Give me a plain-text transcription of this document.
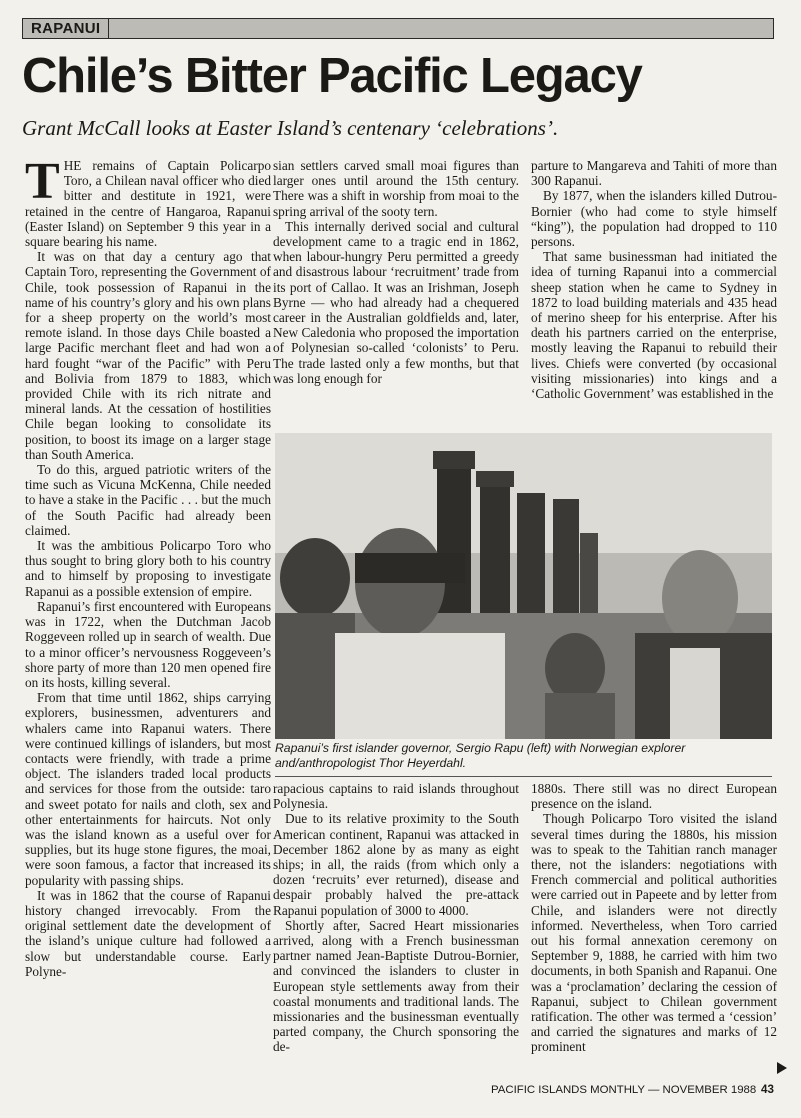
RAPANUI
Chile’s Bitter Pacific Legacy

Grant McCall looks at Easter Island’s centenary ‘celebrations’.

THE remains of Captain Policarpo Toro, a Chilean naval officer who died bitter and destitute in 1921, were retained in the centre of Hangaroa, Rapanui (Easter Island) on September 9 this year in a square bearing his name.

It was on that day a century ago that Captain Toro, representing the Government of Chile, took possession of Rapanui in the name of his country’s glory and his own plans for a sheep property on the world’s most remote island. In those days Chile boasted a large Pacific merchant fleet and had won a hard fought “war of the Pacific” with Peru and Bolivia from 1879 to 1883, which provided Chile with its rich nitrate and mineral lands. At the cessation of hostilities Chile began looking to consolidate its position, to boost its image on a larger stage than South America.

To do this, argued patriotic writers of the time such as Vicuna McKenna, Chile needed to have a stake in the Pacific . . . but the much of the South Pacific had already been claimed.

It was the ambitious Policarpo Toro who thus sought to bring glory both to his country and to himself by proposing to investigate Rapanui as a possible extension of empire.

Rapanui’s first encountered with Europeans was in 1722, when the Dutchman Jacob Roggeveen rolled up in search of wealth. Due to a minor officer’s nervousness Roggeveen’s shore party of more than 120 men opened fire on its hosts, killing several.

From that time until 1862, ships carrying explorers, businessmen, adventurers and whalers came into Rapanui waters. There were continued killings of islanders, but most contacts were friendly, with trade a prime object. The islanders traded local products and services for those from the outside: taro and sweet potato for nails and cloth, sex and other entertainments for haircuts. Not only was the island known as a useful over for supplies, but its huge stone figures, the moai, were soon famous, a factor that increased its popularity with passing ships.

It was in 1862 that the course of Rapanui history changed irrevocably. From the original settlement date the development of the island’s unique culture had followed a slow but understandable course. Early Polyne-

sian settlers carved small moai figures than larger ones until around the 15th century. There was a shift in worship from moai to the spring arrival of the sooty tern.

This internally derived social and cultural development came to a tragic end in 1862, when labour-hungry Peru permitted a greedy and disastrous labour ‘recruitment’ trade from its port of Callao. It was an Irishman, Joseph Byrne — who had already had a chequered career in the Australian goldfields and, later, New Caledonia who proposed the importation of Polynesian so-called ‘colonists’ to Peru. The trade lasted only a few months, but that was long enough for

parture to Mangareva and Tahiti of more than 300 Rapanui.

By 1877, when the islanders killed Dutrou-Bornier (who had come to style himself “king”), the population had dropped to 110 persons.

That same businessman had initiated the idea of turning Rapanui into a commercial sheep station when he came to Sydney in 1872 to load building materials and 435 head of merino sheep for his enterprise. After his death his partners carried on the enterprise, mostly leaving the Rapanui to rebuild their lives. Chiefs were converted (by occasional visiting missionaries) into kings and a ‘Catholic Government’ was established in the

Rapanui’s first islander governor, Sergio Rapu (left) with Norwegian explorer and/anthropologist Thor Heyerdahl.

rapacious captains to raid islands throughout Polynesia.

Due to its relative proximity to the South American continent, Rapanui was attacked in December 1862 alone by as many as eight ships; in all, the raids (from which only a dozen ‘recruits’ ever returned), disease and despair probably halved the pre-attack Rapanui population of 3000 to 4000.

Shortly after, Sacred Heart missionaries arrived, along with a French businessman partner named Jean-Baptiste Dutrou-Bornier, and convinced the islanders to cluster in European style settlements away from their coastal monuments and traditional lands. The missionaries and the businessman eventually parted company, the Church sponsoring the de-

1880s. There still was no direct European presence on the island.

Though Policarpo Toro visited the island several times during the 1880s, his mission was to speak to the Tahitian ranch manager there, not the islanders: negotiations with French commercial and political authorities were carried out in Papeete and by letter from Chile, and islanders were not directly informed. Nevertheless, when Toro carried out his formal annexation ceremony on September 9, 1888, he carried with him two documents, in both Spanish and Rapanui. One was a ‘proclamation’ declaring the cession of Rapanui, subject to Chilean government ratification. The other was termed a ‘cession’ and carried the signatures and marks of 12 prominent

PACIFIC ISLANDS MONTHLY — NOVEMBER 1988 43
